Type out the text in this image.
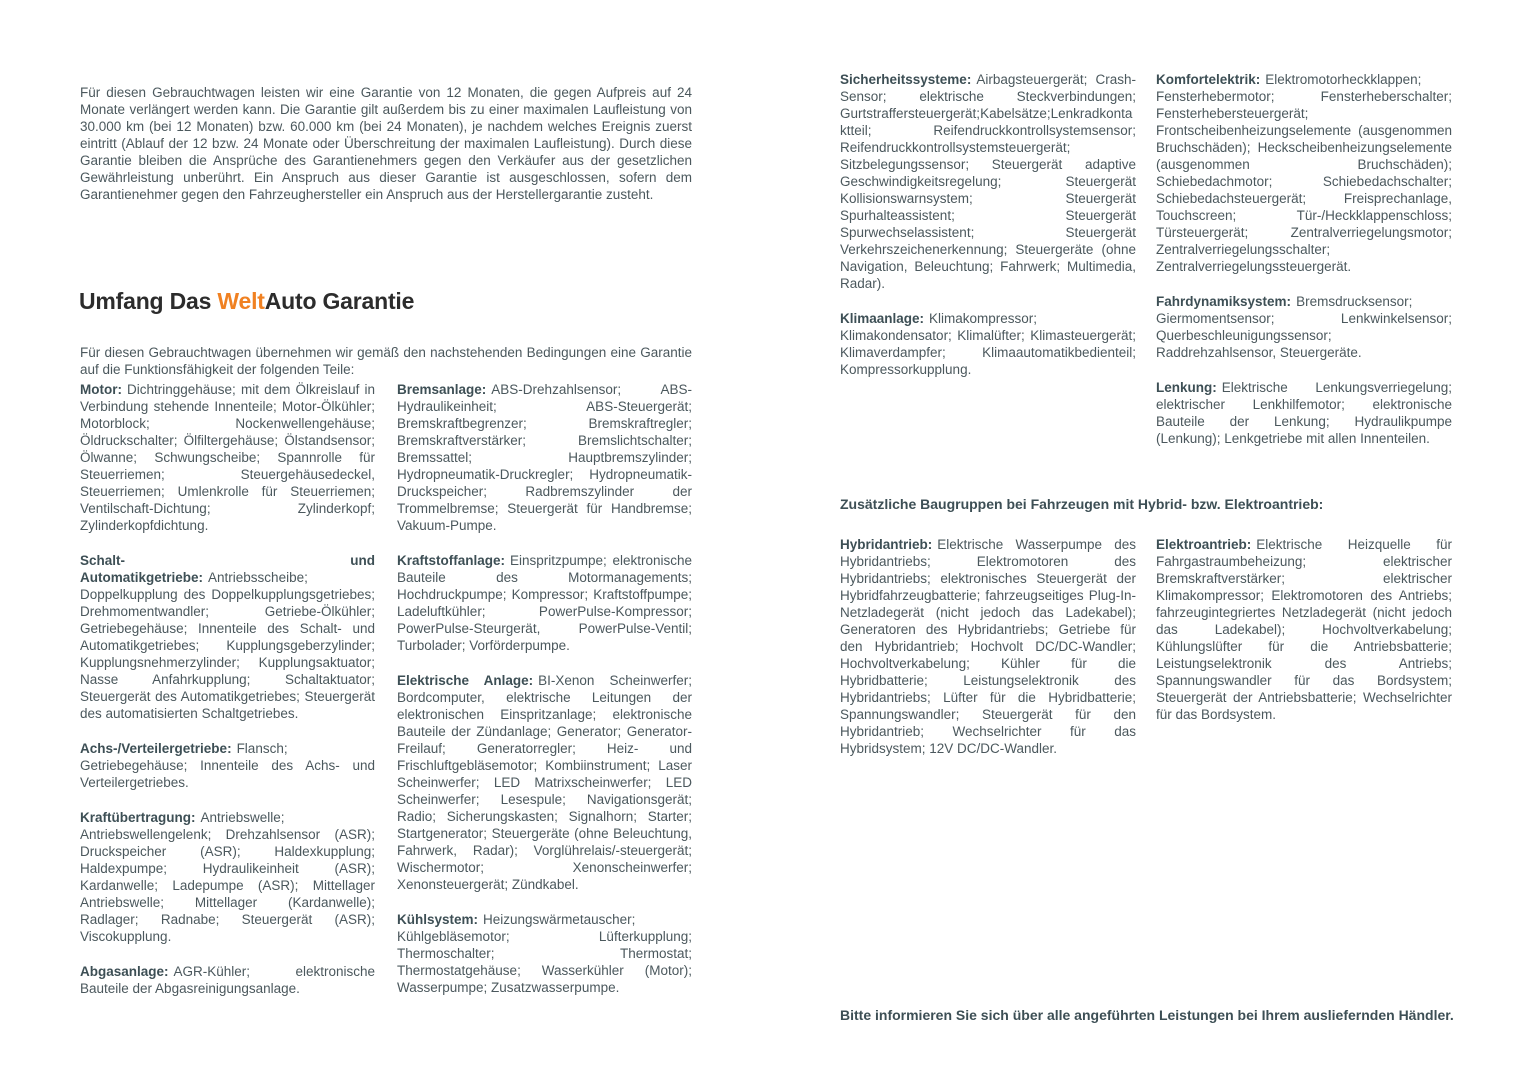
Für diesen Gebrauchtwagen leisten wir eine Garantie von 12 Monaten, die gegen Aufpreis auf 24 Monate verlängert werden kann. Die Garantie gilt außerdem bis zu einer maximalen Laufleistung von 30.000 km (bei 12 Monaten) bzw. 60.000 km (bei 24 Monaten), je nachdem welches Ereignis zuerst eintritt (Ablauf der 12 bzw. 24 Monate oder Überschreitung der maximalen Laufleistung). Durch diese Garantie bleiben die Ansprüche des Garantienehmers gegen den Verkäufer aus der gesetzlichen Gewährleistung unberührt. Ein Anspruch aus dieser Garantie ist ausgeschlossen, sofern dem Garantienehmer gegen den Fahrzeughersteller ein Anspruch aus der Herstellergarantie zusteht.

Umfang Das WeltAuto Garantie

Für diesen Gebrauchtwagen übernehmen wir gemäß den nachstehenden Bedingungen eine Garantie auf die Funktionsfähigkeit der folgenden Teile:

Motor: Dichtringgehäuse; mit dem Ölkreislauf in Verbindung stehende Innenteile; Motor-Ölkühler; Motorblock; Nockenwellengehäuse; Öldruckschalter; Ölfiltergehäuse; Ölstandsensor; Ölwanne; Schwungscheibe; Spannrolle für Steuerriemen; Steuergehäusedeckel, Steuerriemen; Umlenkrolle für Steuerriemen; Ventilschaft-Dichtung; Zylinderkopf; Zylinderkopfdichtung.

Schalt- und Automatikgetriebe: Antriebsscheibe; Doppelkupplung des Doppelkupplungsgetriebes; Drehmomentwandler; Getriebe-Ölkühler; Getriebegehäuse; Innenteile des Schalt- und Automatikgetriebes; Kupplungsgeberzylinder; Kupplungsnehmerzylinder; Kupplungsaktuator; Nasse Anfahrkupplung; Schaltaktuator; Steuergerät des Automatikgetriebes; Steuergerät des automatisierten Schaltgetriebes.

Achs-/Verteilergetriebe: Flansch; Getriebegehäuse; Innenteile des Achs- und Verteilergetriebes.

Kraftübertragung: Antriebswelle; Antriebswellengelenk; Drehzahlsensor (ASR); Druckspeicher (ASR); Haldexkupplung; Haldexpumpe; Hydraulikeinheit (ASR); Kardanwelle; Ladepumpe (ASR); Mittellager Antriebswelle; Mittellager (Kardanwelle); Radlager; Radnabe; Steuergerät (ASR); Viscokupplung.

Abgasanlage: AGR-Kühler; elektronische Bauteile der Abgasreinigungsanlage.

Bremsanlage: ABS-Drehzahlsensor; ABS-Hydraulikeinheit; ABS-Steuergerät; Bremskraftbegrenzer; Bremskraftregler; Bremskraftverstärker; Bremslichtschalter; Bremssattel; Hauptbremszylinder; Hydropneumatik-Druckregler; Hydropneumatik-Druckspeicher; Radbremszylinder der Trommelbremse; Steuergerät für Handbremse; Vakuum-Pumpe.

Kraftstoffanlage: Einspritzpumpe; elektronische Bauteile des Motormanagements; Hochdruckpumpe; Kompressor; Kraftstoffpumpe; Ladeluftkühler; PowerPulse-Kompressor; PowerPulse-Steurgerät, PowerPulse-Ventil; Turbolader; Vorförderpumpe.

Elektrische Anlage: BI-Xenon Scheinwerfer; Bordcomputer, elektrische Leitungen der elektronischen Einspritzanlage; elektronische Bauteile der Zündanlage; Generator; Generator-Freilauf; Generatorregler; Heiz- und Frischluftgebläsemotor; Kombiinstrument; Laser Scheinwerfer; LED Matrixscheinwerfer; LED Scheinwerfer; Lesespule; Navigationsgerät; Radio; Sicherungskasten; Signalhorn; Starter; Startgenerator; Steuergeräte (ohne Beleuchtung, Fahrwerk, Radar); Vorglührelais/-steuergerät; Wischermotor; Xenonscheinwerfer; Xenonsteuergerät; Zündkabel.

Kühlsystem: Heizungswärmetauscher; Kühlgebläsemotor; Lüfterkupplung; Thermoschalter; Thermostat; Thermostatgehäuse; Wasserkühler (Motor); Wasserpumpe; Zusatzwasserpumpe.

Sicherheitssysteme: Airbagsteuergerät; Crash-Sensor; elektrische Steckverbindungen; Gurtstraffersteuergerät;Kabelsätze;Lenkradkontaktteil; Reifendruckkontrollsystemsensor; Reifendruckkontrollsystemsteuergerät; Sitzbelegungssensor; Steuergerät adaptive Geschwindigkeitsregelung; Steuergerät Kollisionswarnsystem; Steuergerät Spurhalteassistent; Steuergerät Spurwechselassistent; Steuergerät Verkehrszeichenerkennung; Steuergeräte (ohne Navigation, Beleuchtung; Fahrwerk; Multimedia, Radar).

Klimaanlage: Klimakompressor; Klimakondensator; Klimalüfter; Klimasteuergerät; Klimaverdampfer; Klimaautomatikbedienteil; Kompressorkupplung.

Komfortelektrik: Elektromotorheckklappen; Fensterhebermotor; Fensterheberschalter; Fensterhebersteuergerät; Frontscheibenheizungselemente (ausgenommen Bruchschäden); Heckscheibenheizungselemente (ausgenommen Bruchschäden); Schiebedachmotor; Schiebedachschalter; Schiebedachsteuergerät; Freisprechanlage, Touchscreen; Tür-/Heckklappenschloss; Türsteuergerät; Zentralverriegelungsmotor; Zentralverriegelungsschalter; Zentralverriegelungssteuergerät.

Fahrdynamiksystem: Bremsdrucksensor; Giermomentsensor; Lenkwinkelsensor; Querbeschleunigungssensor; Raddrehzahlsensor, Steuergeräte.

Lenkung: Elektrische Lenkungsverriegelung; elektrischer Lenkhilfemotor; elektronische Bauteile der Lenkung; Hydraulikpumpe (Lenkung); Lenkgetriebe mit allen Innenteilen.

Zusätzliche Baugruppen bei Fahrzeugen mit Hybrid- bzw. Elektroantrieb:

Hybridantrieb: Elektrische Wasserpumpe des Hybridantriebs; Elektromotoren des Hybridantriebs; elektronisches Steuergerät der Hybridfahrzeugbatterie; fahrzeugseitiges Plug-In-Netzladegerät (nicht jedoch das Ladekabel); Generatoren des Hybridantriebs; Getriebe für den Hybridantrieb; Hochvolt DC/DC-Wandler; Hochvoltverkabelung; Kühler für die Hybridbatterie; Leistungselektronik des Hybridantriebs; Lüfter für die Hybridbatterie; Spannungswandler; Steuergerät für den Hybridantrieb; Wechselrichter für das Hybridsystem; 12V DC/DC-Wandler.

Elektroantrieb: Elektrische Heizquelle für Fahrgastraumbeheizung; elektrischer Bremskraftverstärker; elektrischer Klimakompressor; Elektromotoren des Antriebs; fahrzeugintegriertes Netzladegerät (nicht jedoch das Ladekabel); Hochvoltverkabelung; Kühlungslüfter für die Antriebsbatterie; Leistungselektronik des Antriebs; Spannungswandler für das Bordsystem; Steuergerät der Antriebsbatterie; Wechselrichter für das Bordsystem.

Bitte informieren Sie sich über alle angeführten Leistungen bei Ihrem ausliefernden Händler.
